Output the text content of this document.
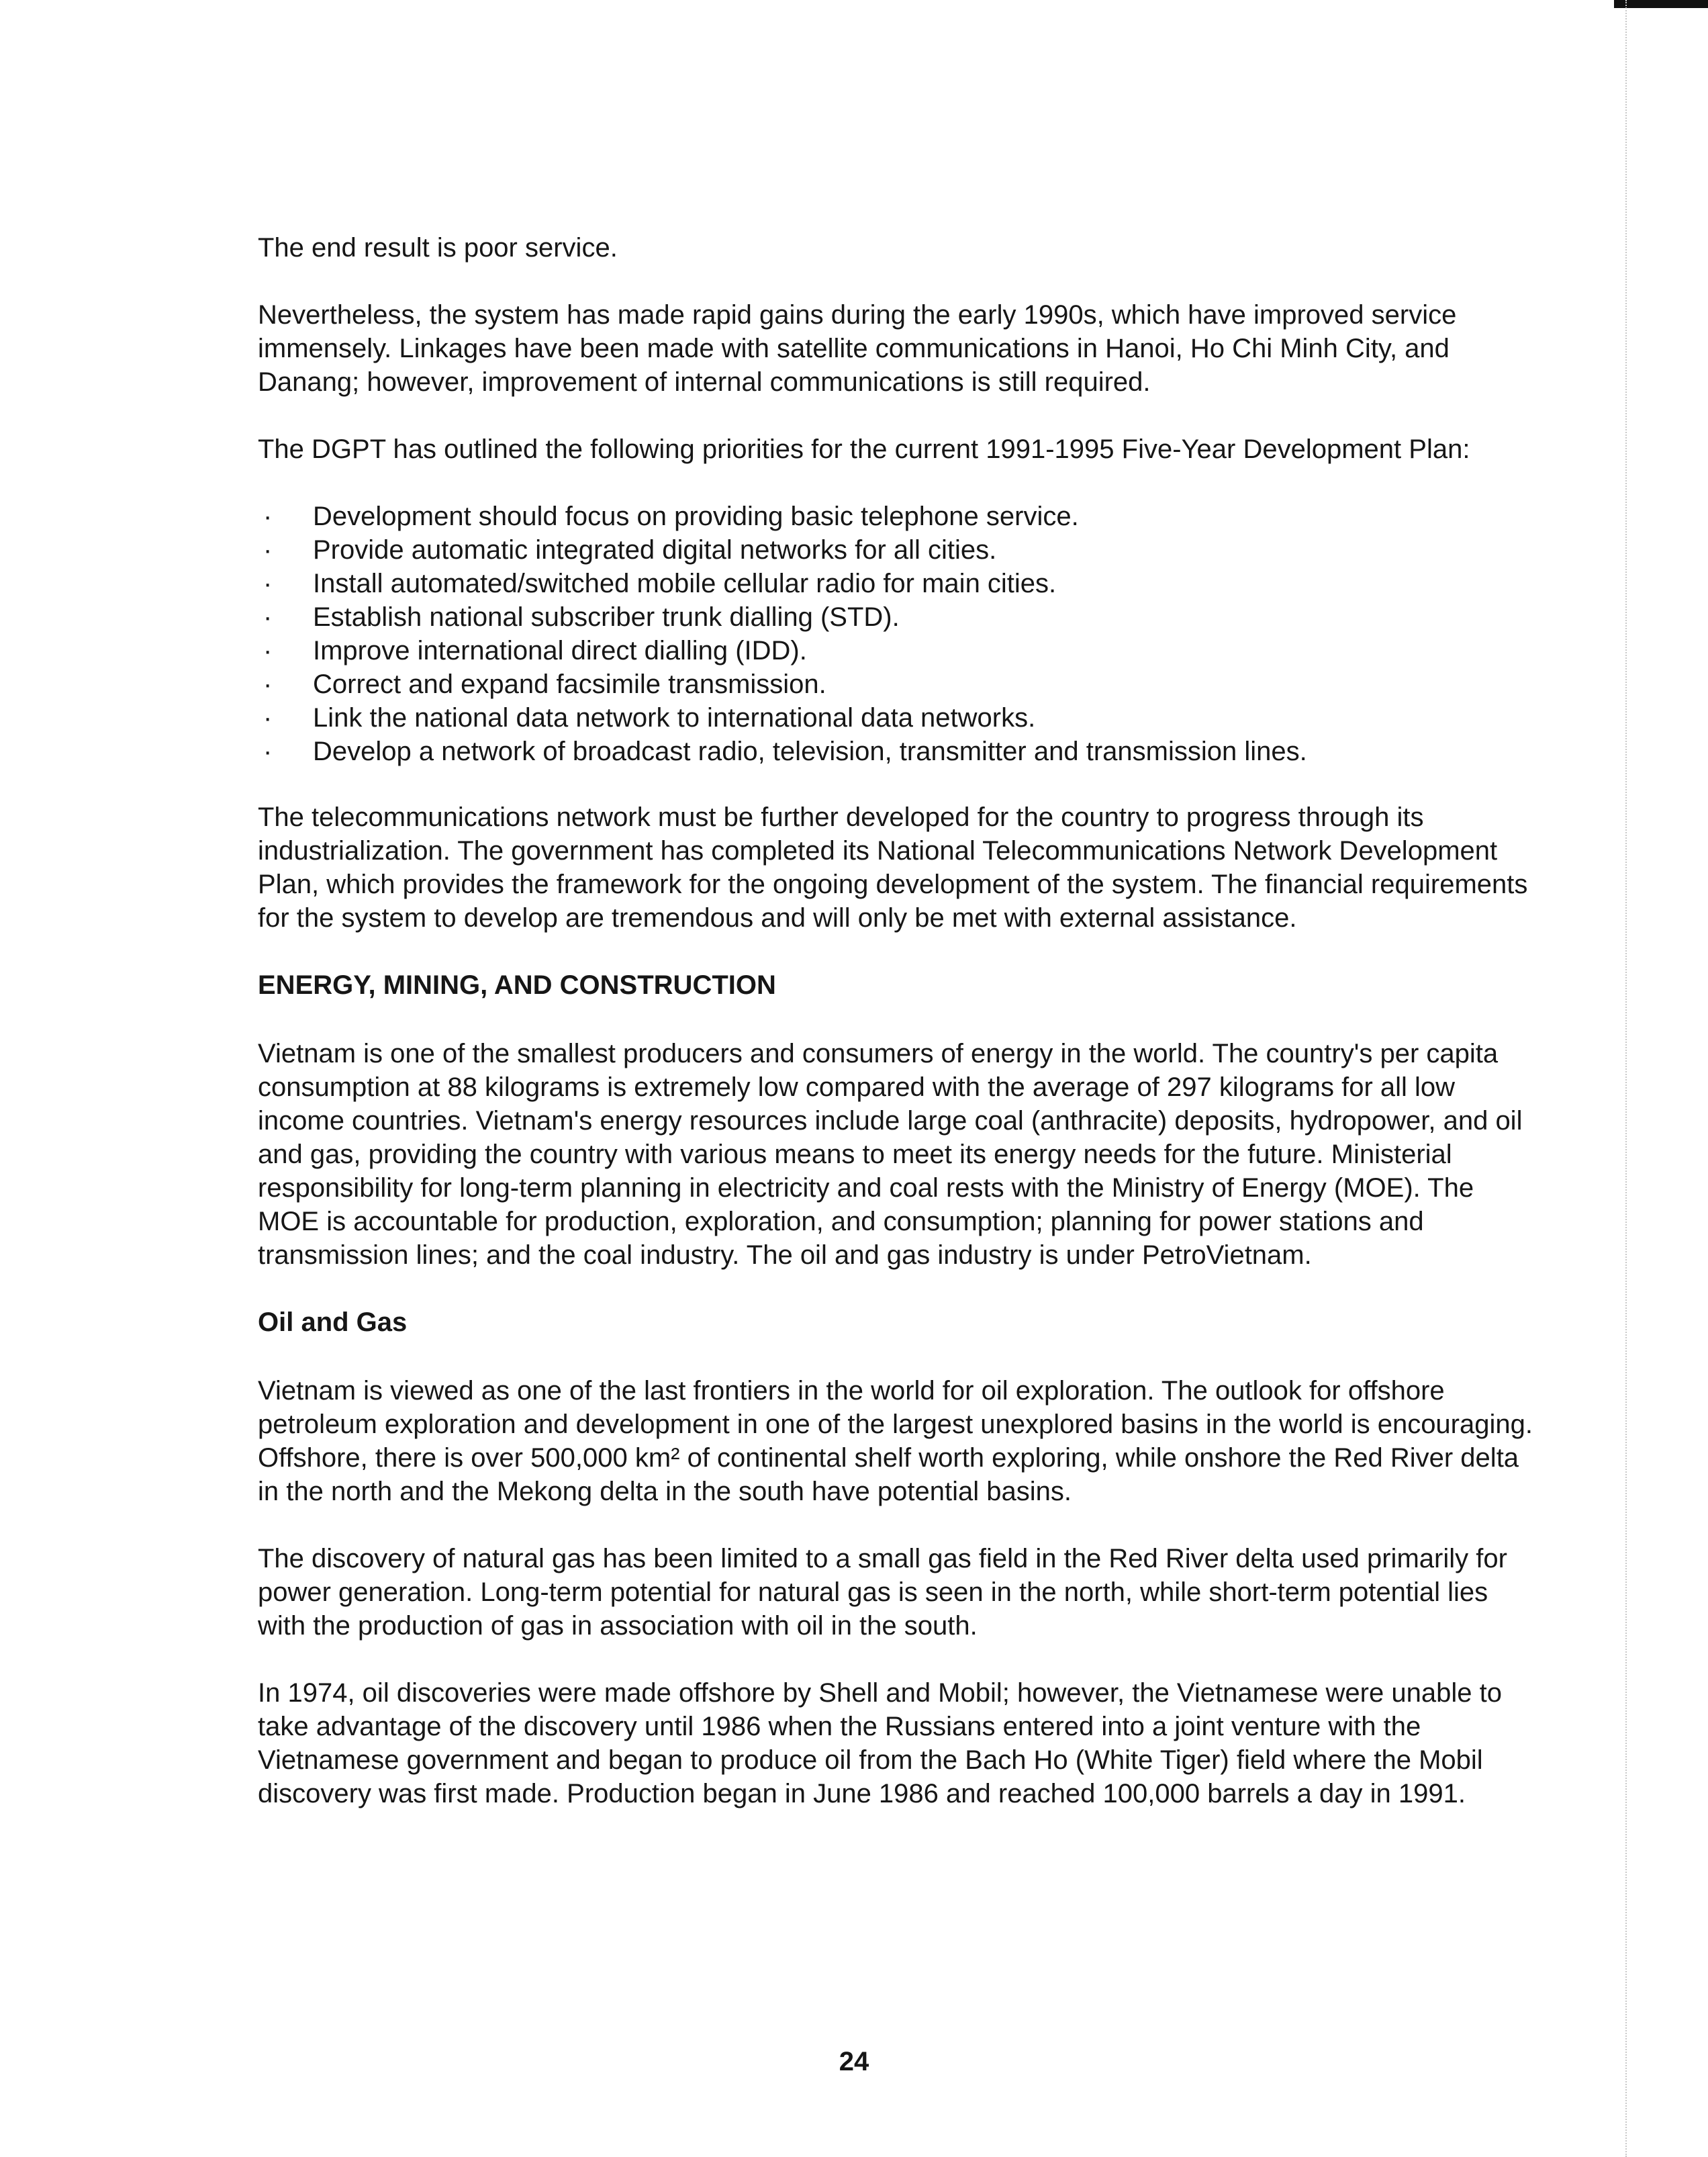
The end result is poor service.

Nevertheless, the system has made rapid gains during the early 1990s, which have improved service immensely. Linkages have been made with satellite communications in Hanoi, Ho Chi Minh City, and Danang; however, improvement of internal communications is still required.

The DGPT has outlined the following priorities for the current 1991-1995 Five-Year Development Plan:

· Development should focus on providing basic telephone service.
· Provide automatic integrated digital networks for all cities.
· Install automated/switched mobile cellular radio for main cities.
· Establish national subscriber trunk dialling (STD).
· Improve international direct dialling (IDD).
· Correct and expand facsimile transmission.
· Link the national data network to international data networks.
· Develop a network of broadcast radio, television, transmitter and transmission lines.

The telecommunications network must be further developed for the country to progress through its industrialization. The government has completed its National Telecommunications Network Development Plan, which provides the framework for the ongoing development of the system. The financial requirements for the system to develop are tremendous and will only be met with external assistance.

ENERGY, MINING, AND CONSTRUCTION

Vietnam is one of the smallest producers and consumers of energy in the world. The country's per capita consumption at 88 kilograms is extremely low compared with the average of 297 kilograms for all low income countries. Vietnam's energy resources include large coal (anthracite) deposits, hydropower, and oil and gas, providing the country with various means to meet its energy needs for the future. Ministerial responsibility for long-term planning in electricity and coal rests with the Ministry of Energy (MOE). The MOE is accountable for production, exploration, and consumption; planning for power stations and transmission lines; and the coal industry. The oil and gas industry is under PetroVietnam.

Oil and Gas

Vietnam is viewed as one of the last frontiers in the world for oil exploration. The outlook for offshore petroleum exploration and development in one of the largest unexplored basins in the world is encouraging. Offshore, there is over 500,000 km² of continental shelf worth exploring, while onshore the Red River delta in the north and the Mekong delta in the south have potential basins.

The discovery of natural gas has been limited to a small gas field in the Red River delta used primarily for power generation. Long-term potential for natural gas is seen in the north, while short-term potential lies with the production of gas in association with oil in the south.

In 1974, oil discoveries were made offshore by Shell and Mobil; however, the Vietnamese were unable to take advantage of the discovery until 1986 when the Russians entered into a joint venture with the Vietnamese government and began to produce oil from the Bach Ho (White Tiger) field where the Mobil discovery was first made. Production began in June 1986 and reached 100,000 barrels a day in 1991.

24
